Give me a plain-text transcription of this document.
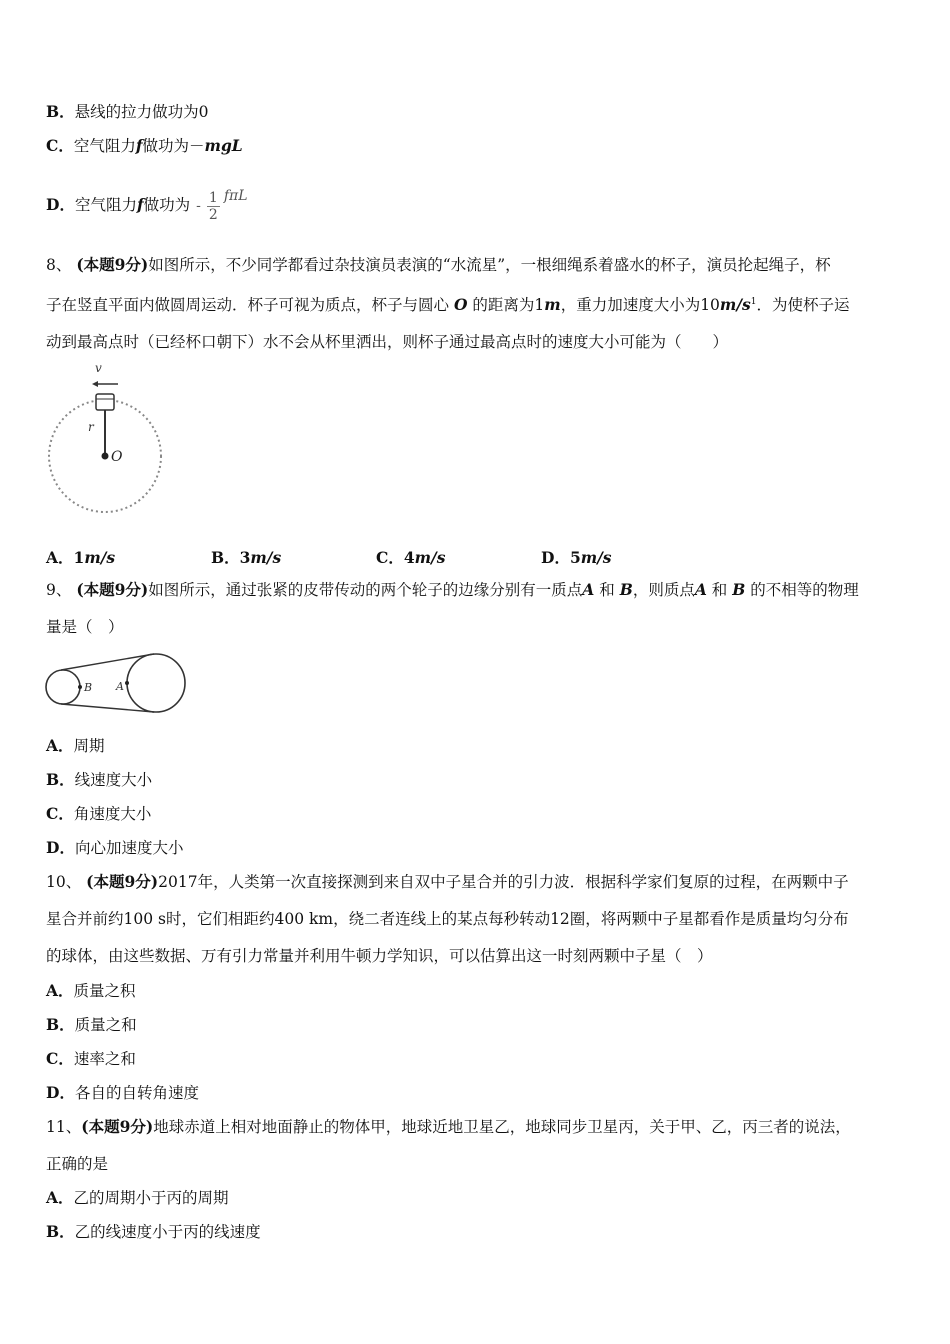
B．悬线的拉力做功为0
C．空气阻力f做功为－mgL
D．空气阻力f做功为 - $\frac{1}{2}$ fπL
8、 (本题9分)如图所示，不少同学都看过杂技演员表演的“水流星”，一根细绳系着盛水的杯子，演员抡起绳子，杯
子在竖直平面内做圆周运动．杯子可视为质点，杯子与圆心 O 的距离为1m，重力加速度大小为$10m/s^1$．为使杯子运
动到最高点时（已经杯口朝下）水不会从杯里洒出，则杯子通过最高点时的速度大小可能为（　　）
v
r
O
A．1m/s	B．3m/s	C．4m/s	D．5m/s
9、 (本题9分)如图所示，通过张紧的皮带传动的两个轮子的边缘分别有一质点A 和 B，则质点A 和 B 的不相等的物理
量是（　）
B A
A．周期
B．线速度大小
C．角速度大小
D．向心加速度大小
10、 (本题9分)2017年，人类第一次直接探测到来自双中子星合并的引力波．根据科学家们复原的过程，在两颗中子
星合并前约100 s时，它们相距约400 km，绕二者连线上的某点每秒转动12圈，将两颗中子星都看作是质量均匀分布
的球体，由这些数据、万有引力常量并利用牛顿力学知识，可以估算出这一时刻两颗中子星（　）
A．质量之积
B．质量之和
C．速率之和
D．各自的自转角速度
11、(本题9分)地球赤道上相对地面静止的物体甲，地球近地卫星乙，地球同步卫星丙，关于甲、乙，丙三者的说法，
正确的是
A．乙的周期小于丙的周期
B．乙的线速度小于丙的线速度
